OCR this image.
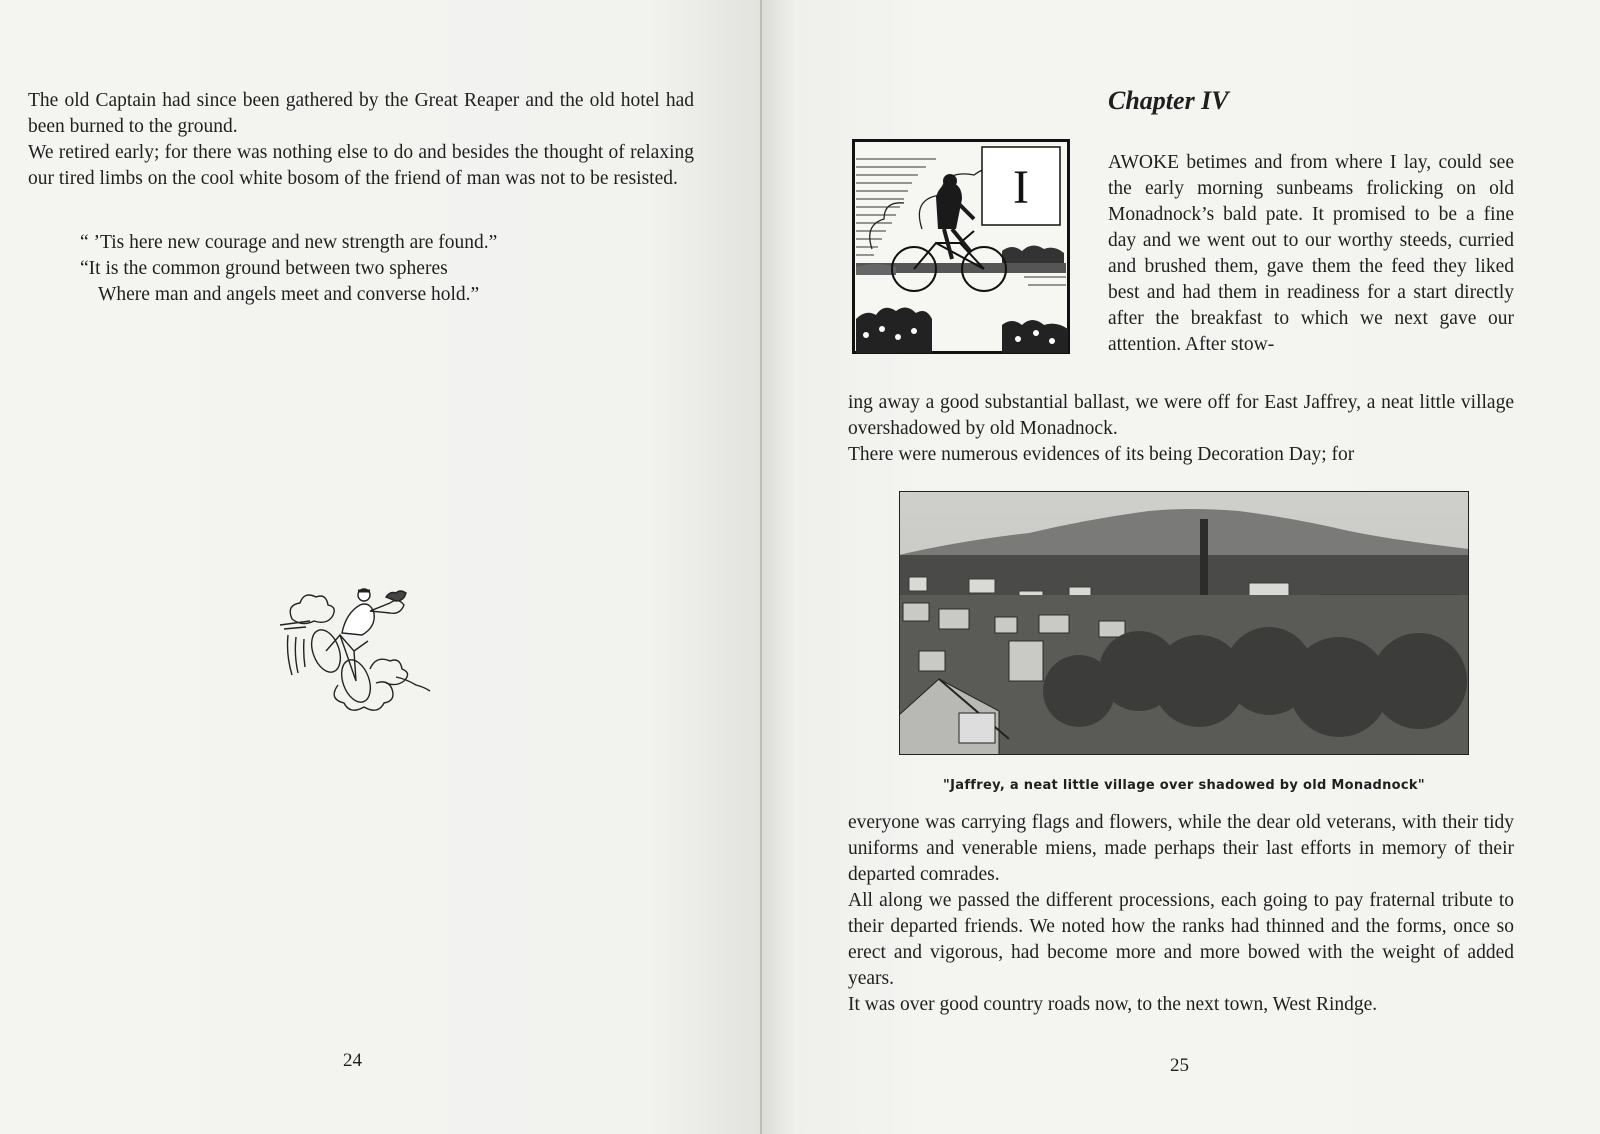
The old Captain had since been gathered by the Great Reaper and the old hotel had been burned to the ground.

We retired early; for there was nothing else to do and besides the thought of relaxing our tired limbs on the cool white bosom of the friend of man was not to be resisted.

“ ’Tis here new courage and new strength are found.”
“It is the common ground between two spheres
Where man and angels meet and converse hold.”
24
Chapter IV
I	AWOKE betimes and from where I lay, could see the early morning sunbeams frolicking on old Monadnock’s bald pate. It promised to be a fine day and we went out to our worthy steeds, curried and brushed them, gave them the feed they liked best and had them in readiness for a start directly after the breakfast to which we next gave our attention. After stow-

ing away a good substantial ballast, we were off for East Jaffrey, a neat little village overshadowed by old Monadnock.

There were numerous evidences of its being Decoration Day; for

"Jaffrey, a neat little village over shadowed by old Monadnock"

everyone was carrying flags and flowers, while the dear old veterans, with their tidy uniforms and venerable miens, made perhaps their last efforts in memory of their departed comrades.

All along we passed the different processions, each going to pay fraternal tribute to their departed friends. We noted how the ranks had thinned and the forms, once so erect and vigorous, had become more and more bowed with the weight of added years.

It was over good country roads now, to the next town, West Rindge.

25
